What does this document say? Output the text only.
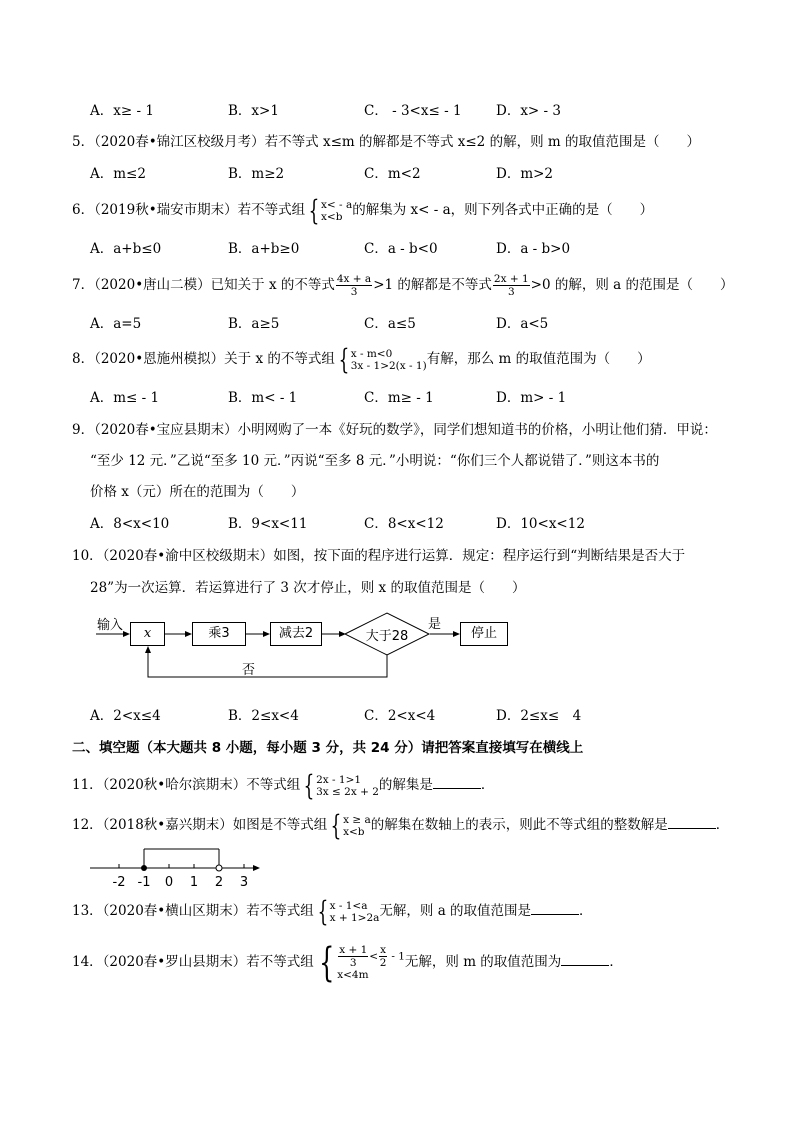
A．x≥ - 1	B．x>1	C． - 3<x≤ - 1	D．x> - 3
5．（2020春•锦江区校级月考）若不等式 x≤m 的解都是不等式 x≤2 的解，则 m 的取值范围是（　　）
A．m≤2	B．m≥2	C．m<2	D．m>2
6．（2019秋•瑞安市期末）若不等式组 { x< - a
x<b 的解集为 x< - a，则下列各式中正确的是（　　）
A．a+b≤0	B．a+b≥0	C．a - b<0	D．a - b>0
7．（2020•唐山二模）已知关于 x 的不等式 $\frac{4x + a}{3} >1$ 的解都是不等式 $\frac{2x + 1}{3} >0$ 的解，则 a 的范围是（　　）
A．a=5	B．a≥5	C．a≤5	D．a<5
8．（2020•恩施州模拟）关于 x 的不等式组 { x - m<0
3x - 1>2(x - 1) 有解，那么 m 的取值范围为（　　）
A．m≤ - 1	B．m< - 1	C．m≥ - 1	D．m> - 1
9．（2020春•宝应县期末）小明网购了一本《好玩的数学》，同学们想知道书的价格，小明让他们猜．甲说：
“至少 12 元．”乙说“至多 10 元．”丙说“至多 8 元．”小明说：“你们三个人都说错了．”则这本书的
价格 x（元）所在的范围为（　　）
A．8<x<10	B．9<x<11	C．8<x<12	D．10<x<12
10．（2020春•渝中区校级期末）如图，按下面的程序进行运算．规定：程序运行到“判断结果是否大于
28”为一次运算．若运算进行了 3 次才停止，则 x 的取值范围是（　　）
输入
x	乘3	减去2	大于28
是
停止
否
A．2<x≤4	B．2≤x<4	C．2<x<4	D．2≤x≤　4
二、填空题（本大题共 8 小题，每小题 3 分，共 24 分）请把答案直接填写在横线上
11．（2020秋•哈尔滨期末）不等式组 { 2x - 1>1
3x ≤ 2x + 2 的解集是	．
12．（2018秋•嘉兴期末）如图是不等式组 { x ≥ a
x<b 的解集在数轴上的表示，则此不等式组的整数解是	．
-2 -1 0 1 2 3
13．（2020春•横山区期末）若不等式组 { x - 1<a
x + 1>2a 无解，则 a 的取值范围是	．
14．（2020春•罗山县期末）若不等式组 { $\frac{x + 1}{3} < \frac{x}{2} - 1$
x<4m
无解，则 m 的取值范围为	．
